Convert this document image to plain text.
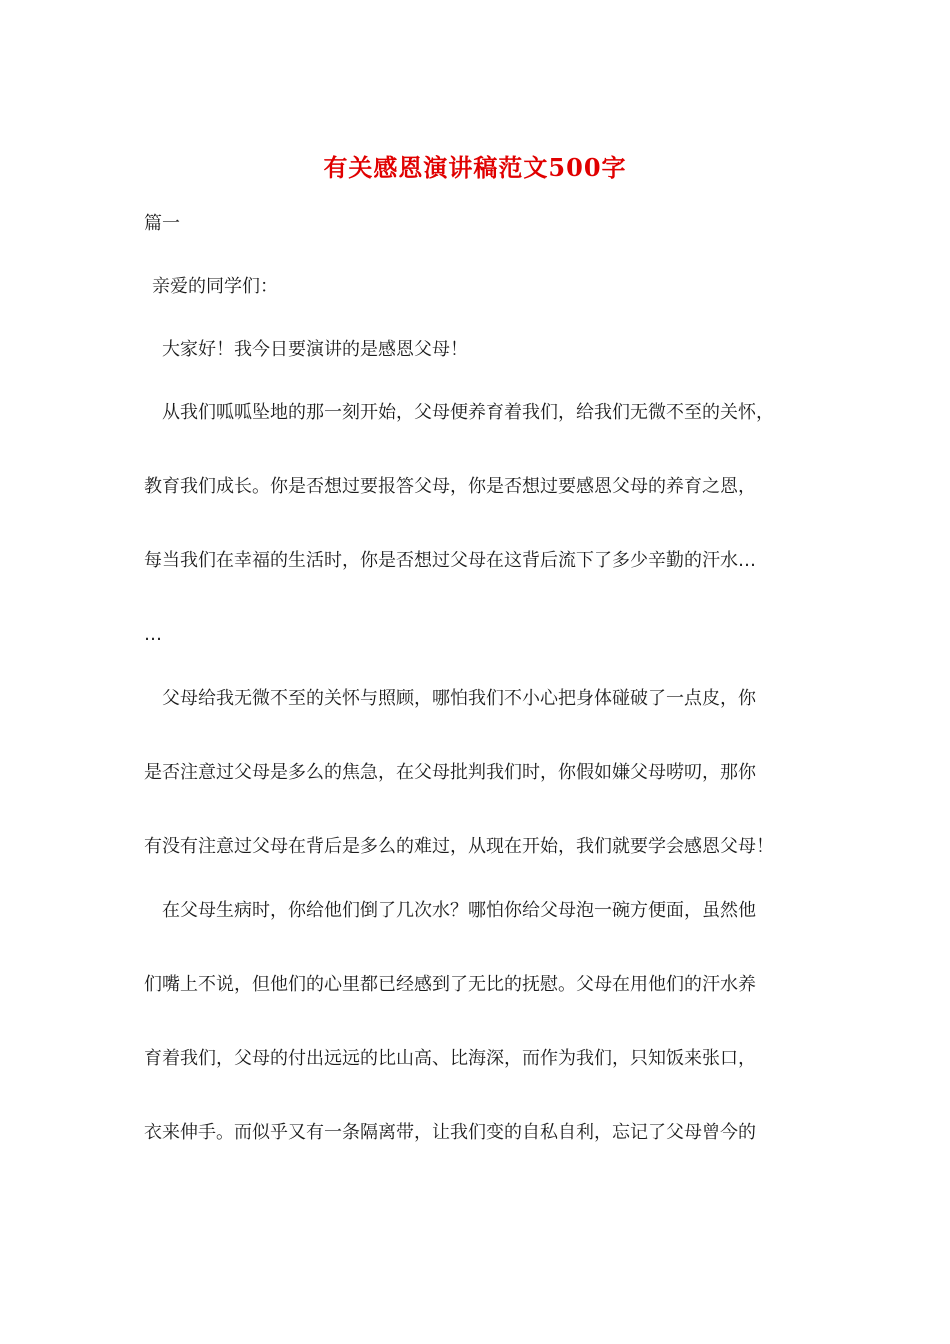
有关感恩演讲稿范文500字
篇一
亲爱的同学们：
大家好！我今日要演讲的是感恩父母！
从我们呱呱坠地的那一刻开始，父母便养育着我们，给我们无微不至的关怀，
教育我们成长。你是否想过要报答父母，你是否想过要感恩父母的养育之恩，
每当我们在幸福的生活时，你是否想过父母在这背后流下了多少辛勤的汗水…
…
父母给我无微不至的关怀与照顾，哪怕我们不小心把身体碰破了一点皮，你
是否注意过父母是多么的焦急，在父母批判我们时，你假如嫌父母唠叨，那你
有没有注意过父母在背后是多么的难过，从现在开始，我们就要学会感恩父母！
在父母生病时，你给他们倒了几次水？哪怕你给父母泡一碗方便面，虽然他
们嘴上不说，但他们的心里都已经感到了无比的抚慰。父母在用他们的汗水养
育着我们，父母的付出远远的比山高、比海深，而作为我们，只知饭来张口，
衣来伸手。而似乎又有一条隔离带，让我们变的自私自利，忘记了父母曾今的
